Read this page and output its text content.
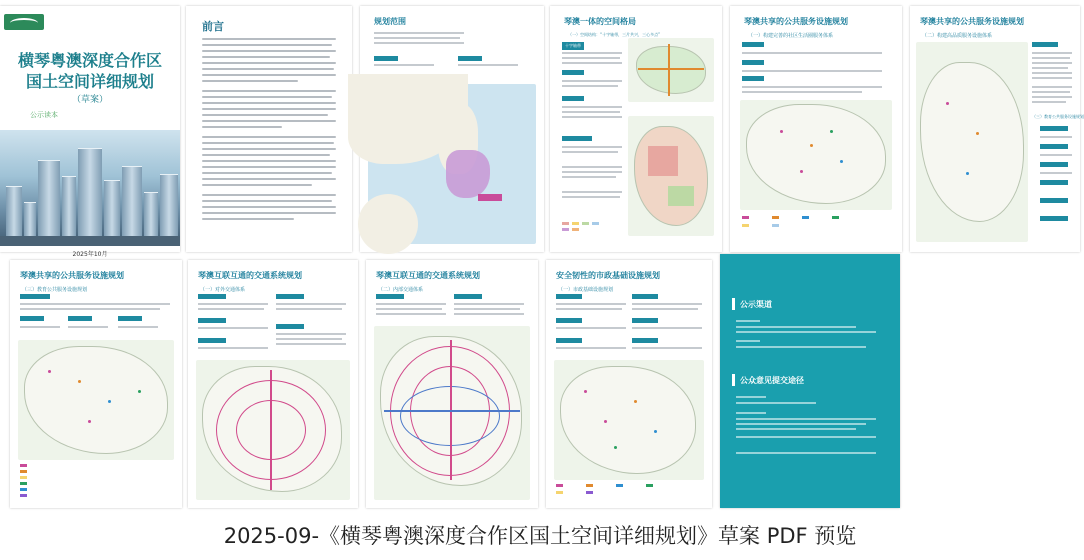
横琴粤澳深度合作区
国土空间详细规划
（草案）
公示读本
2025年10月
前言	规划范围	琴澳一体的空间格局
（一）空间结构：“十字轴带，三片共兴，三心多点”
十字轴带
琴澳共享的公共服务设施规划
（一）构建完善的社区生活圈服务体系
琴澳共享的公共服务设施规划
（二）构建高品质服务设施体系
（三）教育公共服务设施规划
琴澳共享的公共服务设施规划
（三）教育公共服务设施规划
琴澳互联互通的交通系统规划
（一）对外交通体系
琴澳互联互通的交通系统规划
（二）内部交通体系
安全韧性的市政基础设施规划
（一）市政基础设施规划
公示渠道
公众意见提交途径
2025-09-《横琴粤澳深度合作区国土空间详细规划》草案 PDF 预览
